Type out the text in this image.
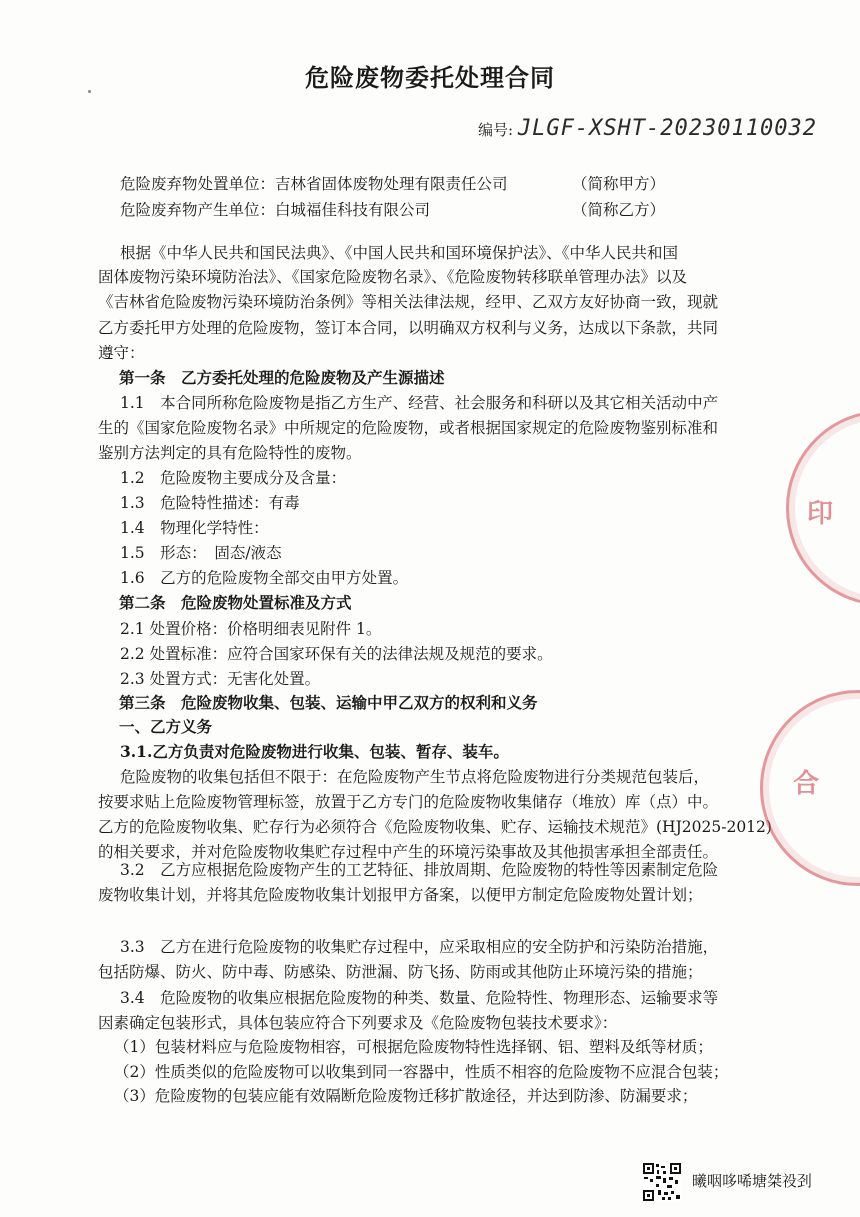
危险废物委托处理合同
编号: JLGF-XSHT-20230110032
危险废弃物处置单位：吉林省固体废物处理有限责任公司	（简称甲方）
危险废弃物产生单位：白城福佳科技有限公司	（简称乙方）
根据《中华人民共和国民法典》、《中国人民共和国环境保护法》、《中华人民共和国
固体废物污染环境防治法》、《国家危险废物名录》、《危险废物转移联单管理办法》以及
《吉林省危险废物污染环境防治条例》等相关法律法规，经甲、乙双方友好协商一致，现就
乙方委托甲方处理的危险废物，签订本合同，以明确双方权利与义务，达成以下条款，共同
遵守：
第一条　乙方委托处理的危险废物及产生源描述
1.1　本合同所称危险废物是指乙方生产、经营、社会服务和科研以及其它相关活动中产
生的《国家危险废物名录》中所规定的危险废物，或者根据国家规定的危险废物鉴别标准和
鉴别方法判定的具有危险特性的废物。
1.2　危险废物主要成分及含量：
1.3　危险特性描述：有毒
1.4　物理化学特性：
1.5　形态：　固态/液态
1.6　乙方的危险废物全部交由甲方处置。
第二条　危险废物处置标准及方式
2.1 处置价格：价格明细表见附件 1。
2.2 处置标准：应符合国家环保有关的法律法规及规范的要求。
2.3 处置方式：无害化处置。
第三条　危险废物收集、包装、运输中甲乙双方的权利和义务
一、乙方义务
3.1.乙方负责对危险废物进行收集、包装、暂存、装车。
危险废物的收集包括但不限于：在危险废物产生节点将危险废物进行分类规范包装后，
按要求贴上危险废物管理标签，放置于乙方专门的危险废物收集储存（堆放）库（点）中。
乙方的危险废物收集、贮存行为必须符合《危险废物收集、贮存、运输技术规范》(HJ2025-2012)
的相关要求，并对危险废物收集贮存过程中产生的环境污染事故及其他损害承担全部责任。
3.2　乙方应根据危险废物产生的工艺特征、排放周期、危险废物的特性等因素制定危险
废物收集计划，并将其危险废物收集计划报甲方备案，以便甲方制定危险废物处置计划；
3.3　乙方在进行危险废物的收集贮存过程中，应采取相应的安全防护和污染防治措施，
包括防爆、防火、防中毒、防感染、防泄漏、防飞扬、防雨或其他防止环境污染的措施；
3.4　危险废物的收集应根据危险废物的种类、数量、危险特性、物理形态、运输要求等
因素确定包装形式，具体包装应符合下列要求及《危险废物包装技术要求》：
（1）包装材料应与危险废物相容，可根据危险废物特性选择钢、铝、塑料及纸等材质；
（2）性质类似的危险废物可以收集到同一容器中，性质不相容的危险废物不应混合包装；
（3）危险废物的包装应能有效隔断危险废物迁移扩散途径，并达到防渗、防漏要求；
印
合
曦咽哆唏塘桀祋刭
